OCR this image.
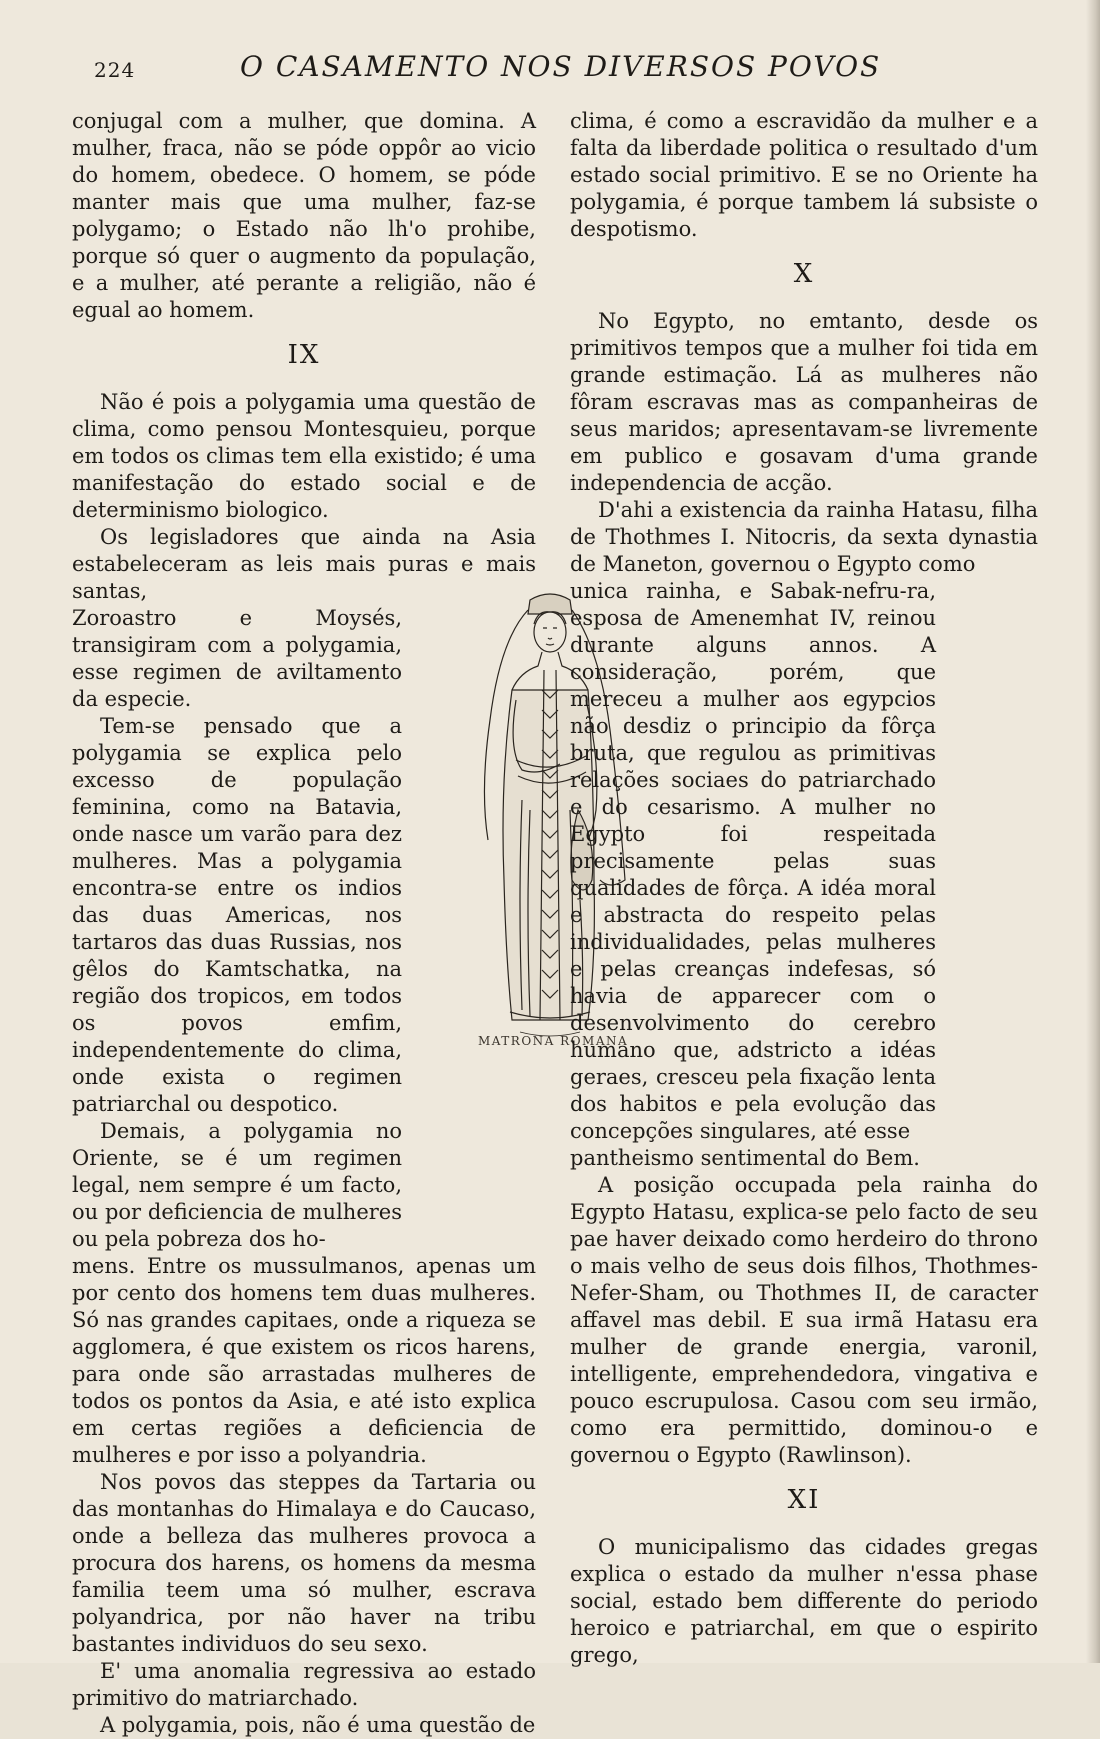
224	O CASAMENTO NOS DIVERSOS POVOS

conjugal com a mulher, que domina. A mulher, fraca, não se póde oppôr ao vicio do homem, obedece. O homem, se póde manter mais que uma mulher, faz-se polygamo; o Estado não lh'o prohibe, porque só quer o augmento da população, e a mulher, até perante a religião, não é egual ao homem.

IX

Não é pois a polygamia uma questão de clima, como pensou Montesquieu, porque em todos os climas tem ella existido; é uma manifestação do estado social e de determinismo biologico.

Os legisladores que ainda na Asia estabeleceram as leis mais puras e mais santas,

Zoroastro e Moysés, transigiram com a polygamia, esse regimen de aviltamento da especie.

Tem-se pensado que a polygamia se explica pelo excesso de população feminina, como na Batavia, onde nasce um varão para dez mulheres. Mas a polygamia encontra-se entre os indios das duas Americas, nos tartaros das duas Russias, nos gêlos do Kamtschatka, na região dos tropicos, em todos os povos emfim, independentemente do clima, onde exista o regimen patriarchal ou despotico.

Demais, a polygamia no Oriente, se é um regimen legal, nem sempre é um facto, ou por deficiencia de mulheres ou pela pobreza dos ho-

mens. Entre os mussulmanos, apenas um por cento dos homens tem duas mulheres. Só nas grandes capitaes, onde a riqueza se agglomera, é que existem os ricos harens, para onde são arrastadas mulheres de todos os pontos da Asia, e até isto explica em certas regiões a deficiencia de mulheres e por isso a polyandria.

Nos povos das steppes da Tartaria ou das montanhas do Himalaya e do Caucaso, onde a belleza das mulheres provoca a procura dos harens, os homens da mesma familia teem uma só mulher, escrava polyandrica, por não haver na tribu bastantes individuos do seu sexo.

E' uma anomalia regressiva ao estado primitivo do matriarchado.

A polygamia, pois, não é uma questão de

MATRONA ROMANA

clima, é como a escravidão da mulher e a falta da liberdade politica o resultado d'um estado social primitivo. E se no Oriente ha polygamia, é porque tambem lá subsiste o despotismo.

X

No Egypto, no emtanto, desde os primitivos tempos que a mulher foi tida em grande estimação. Lá as mulheres não fôram escravas mas as companheiras de seus maridos; apresentavam-se livremente em publico e gosavam d'uma grande independencia de acção.

D'ahi a existencia da rainha Hatasu, filha de Thothmes I. Nitocris, da sexta dynastia de Maneton, governou o Egypto como

unica rainha, e Sabak-nefru-ra, esposa de Amenemhat IV, reinou durante alguns annos. A consideração, porém, que mereceu a mulher aos egypcios não desdiz o principio da fôrça bruta, que regulou as primitivas relações sociaes do patriarchado e do cesarismo. A mulher no Egypto foi respeitada precisamente pelas suas qualidades de fôrça. A idéa moral e abstracta do respeito pelas individualidades, pelas mulheres e pelas creanças indefesas, só havia de apparecer com o desenvolvimento do cerebro humano que, adstricto a idéas geraes, cresceu pela fixação lenta dos habitos e pela evolução das concepções singulares, até esse

pantheismo sentimental do Bem.

A posição occupada pela rainha do Egypto Hatasu, explica-se pelo facto de seu pae haver deixado como herdeiro do throno o mais velho de seus dois filhos, Thothmes-Nefer-Sham, ou Thothmes II, de caracter affavel mas debil. E sua irmã Hatasu era mulher de grande energia, varonil, intelligente, emprehendedora, vingativa e pouco escrupulosa. Casou com seu irmão, como era permittido, dominou-o e governou o Egypto (Rawlinson).

XI

O municipalismo das cidades gregas explica o estado da mulher n'essa phase social, estado bem differente do periodo heroico e patriarchal, em que o espirito grego,
